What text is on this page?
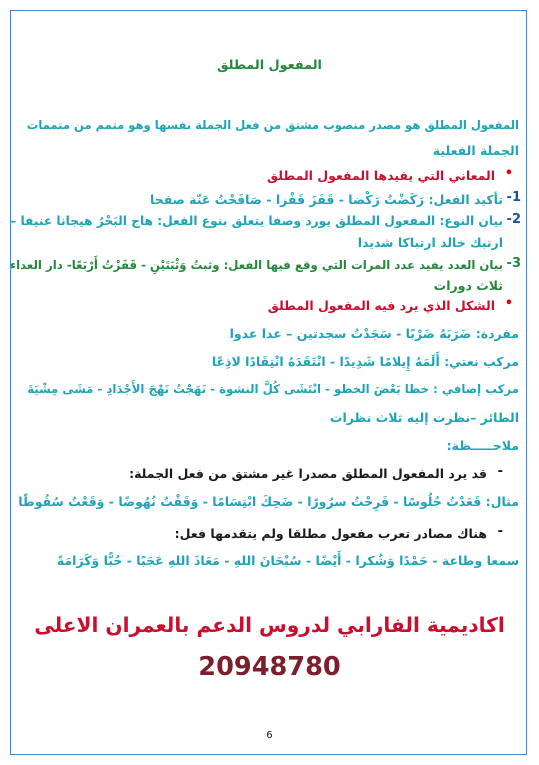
المفعول المطلق
المفعول المطلق هو مصدر منصوب مشتق من فعل الجملة نفسها وهو متمم من متممات
الجملة الفعلية
•
المعاني التي يفيدها المفعول المطلق
1-
تأكيد الفعل: رَكَضْتُ رَكْضا - قَفَزَ قَفْزا - صَافَحْتُ عَنّة صفحا
2-
بيان النوع: المفعول المطلق يورد وصفا يتعلق بنوع الفعل: هاج البَحْرُ هيجانا عنيفا –
ارتبك خالد ارتباكا شديدا
3-
بيان العدد يفيد عدد المرات التي وقع فيها الفعل: وثبتُ وَثْبَتَيْنِ - قَفَزْتُ أَرْبَعًا- دار العداء
ثلاث دورات
•
الشكل الذي يرد فيه المفعول المطلق
مفردة: ضَرَبَهُ ضَرْبًا - سَجَدْتُ سجدتين – عدا عدوا
مركب نعتي: أَلَمَهُ إِيلامًا شَدِيدًا - انْتَقَدَهُ انْتِقَادًا لاذِعًا
مركب إضافي : خطا بَعْضَ الخطو - انْتَشَى كُلَّ النشوة - نَهَجْتُ نَهْجَ الأَجْدَادِ - مَشَى مِشْيَةَ
الطائر –نظرت إليه ثلاث نظرات
ملاحـــــظة:
-
قد يرد المفعول المطلق مصدرا غير مشتق من فعل الجملة:
مثال: قَعَدْتُ جُلُوسًا - فَرِحْتُ سرُورًا - ضَحِكَ ابْتِسَامًا - وَقَفْتُ نُهُوضًا - وَقَعْتُ سُقُوطًا
-
هناك مصادر تعرب مفعول مطلقا ولم يتقدمها فعل:
سمعا وطاعة - حَمْدًا وَشُكرا - أَيْضًا - سُبْحَانَ اللهِ - مَعَاذَ اللهِ عَجَبًا - حُبًّا وَكَرَامَةً
اكاديمية الفارابي لدروس الدعم بالعمران الاعلى
20948780
6
